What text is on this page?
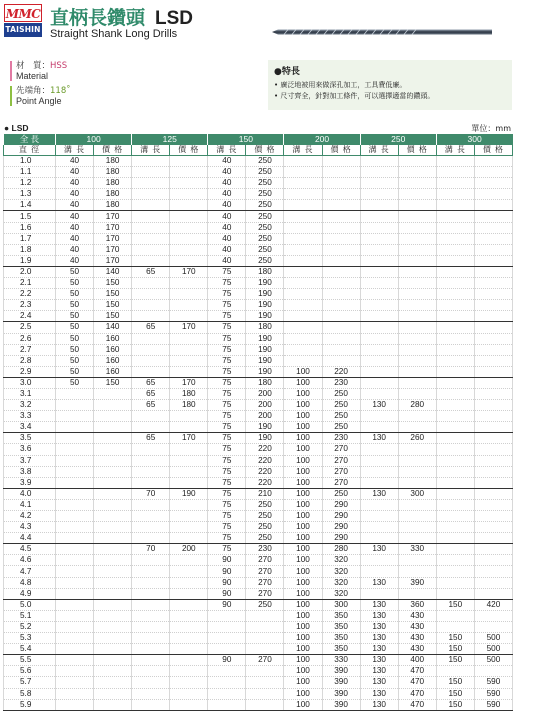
MMC
TAISHIN
直柄長鑽頭 LSD
Straight Shank Long Drills
材　質：HSS
Material
先端角：118˚
Point Angle
●特長
• 廣泛地被用來做深孔加工，工具費低廉。
• 尺寸齊全，針對加工條件，可以選擇適當的鑽頭。
● LSD	單位：mm
全 長	100		125		150		200		250		300	
直 徑	溝 長	價 格	溝 長	價 格	溝 長	價 格	溝 長	價 格	溝 長	價 格	溝 長	價 格
1.0	40	180			40	250						
1.1	40	180			40	250						
1.2	40	180			40	250						
1.3	40	180			40	250						
1.4	40	180			40	250						
1.5	40	170			40	250						
1.6	40	170			40	250						
1.7	40	170			40	250						
1.8	40	170			40	250						
1.9	40	170			40	250						
2.0	50	140	65	170	75	180						
2.1	50	150			75	190						
2.2	50	150			75	190						
2.3	50	150			75	190						
2.4	50	150			75	190						
2.5	50	140	65	170	75	180						
2.6	50	160			75	190						
2.7	50	160			75	190						
2.8	50	160			75	190						
2.9	50	160			75	190	100	220				
3.0	50	150	65	170	75	180	100	230				
3.1			65	180	75	200	100	250				
3.2			65	180	75	200	100	250	130	280		
3.3					75	200	100	250				
3.4					75	190	100	250				
3.5			65	170	75	190	100	230	130	260		
3.6					75	220	100	270				
3.7					75	220	100	270				
3.8					75	220	100	270				
3.9					75	220	100	270				
4.0			70	190	75	210	100	250	130	300		
4.1					75	250	100	290				
4.2					75	250	100	290				
4.3					75	250	100	290				
4.4					75	250	100	290				
4.5			70	200	75	230	100	280	130	330		
4.6					90	270	100	320				
4.7					90	270	100	320				
4.8					90	270	100	320	130	390		
4.9					90	270	100	320				
5.0					90	250	100	300	130	360	150	420
5.1							100	350	130	430		
5.2							100	350	130	430		
5.3							100	350	130	430	150	500
5.4							100	350	130	430	150	500
5.5					90	270	100	330	130	400	150	500
5.6							100	390	130	470		
5.7							100	390	130	470	150	590
5.8							100	390	130	470	150	590
5.9							100	390	130	470	150	590
